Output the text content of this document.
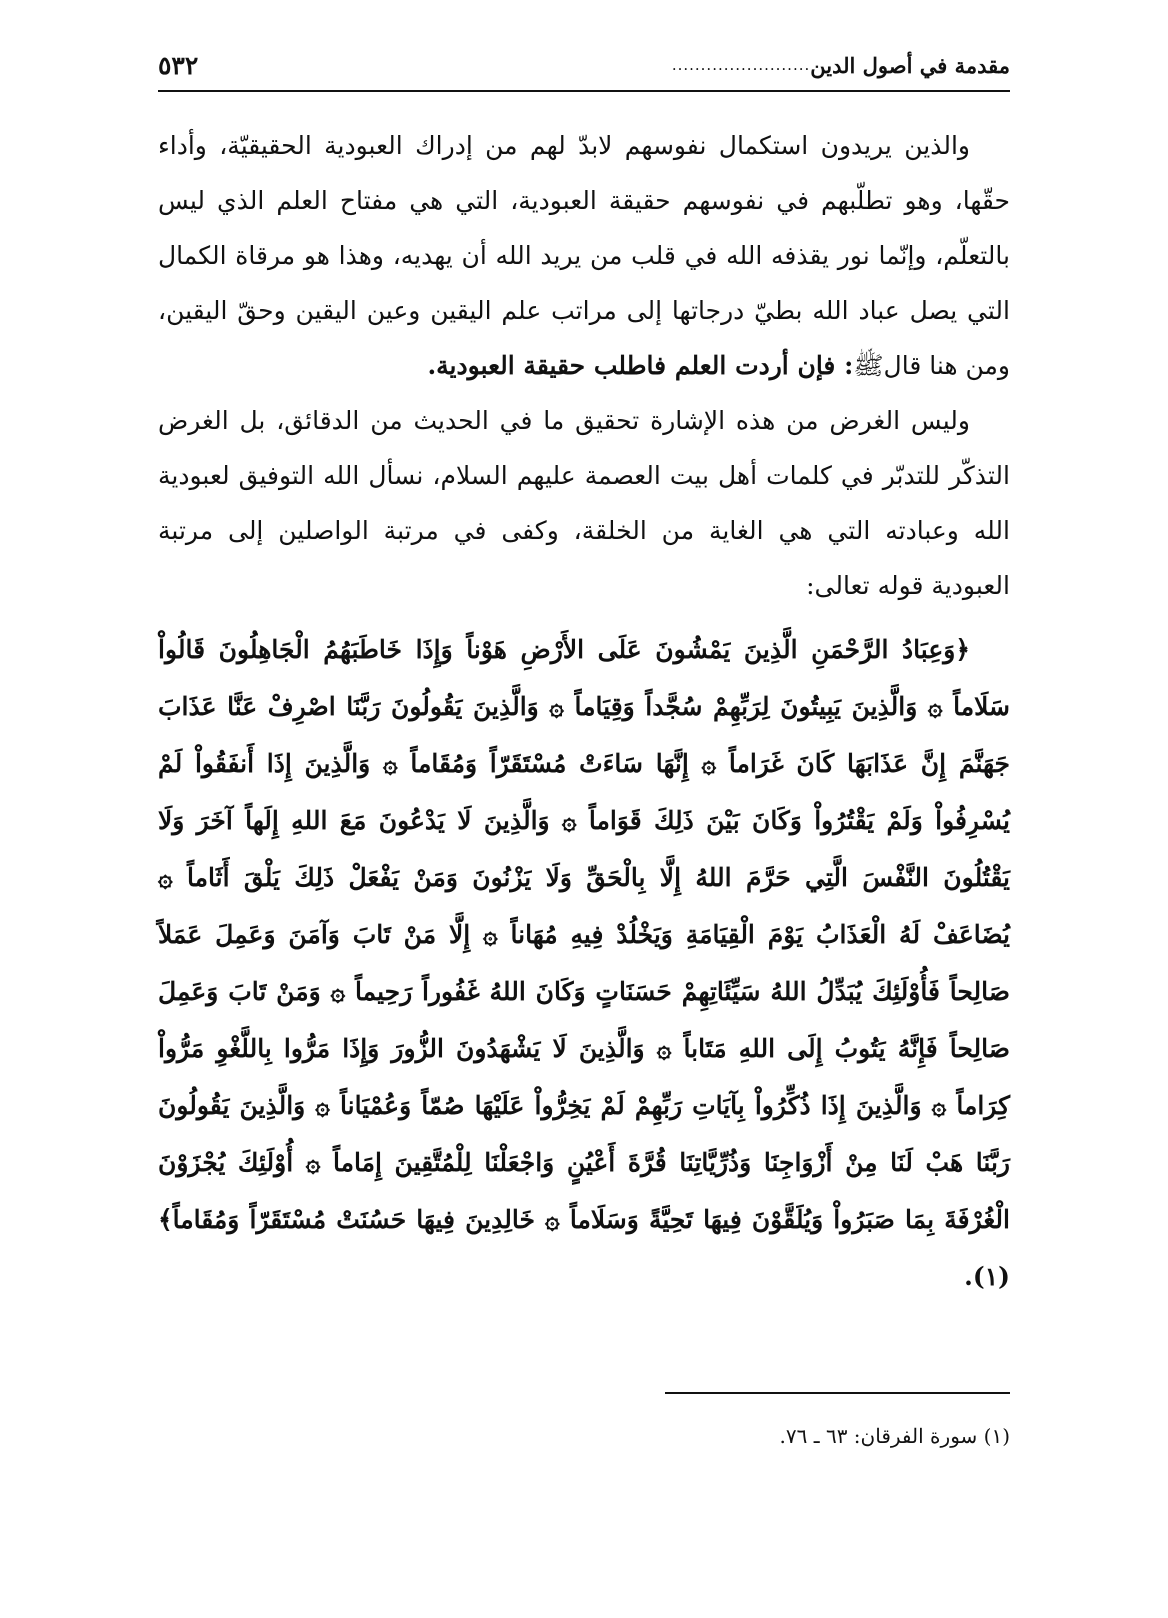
مقدمة في أصول الدين
........................
٥٣٢

والذين يريدون استكمال نفوسهم لابدّ لهم من إدراك العبودية الحقيقيّة، وأداء حقّها، وهو تطلّبهم في نفوسهم حقيقة العبودية، التي هي مفتاح العلم الذي ليس بالتعلّم، وإنّما نور يقذفه الله في قلب من يريد الله أن يهديه، وهذا هو مرقاة الكمال التي يصل عباد الله بطيّ درجاتها إلى مراتب علم اليقين وعين اليقين وحقّ اليقين، ومن هنا قالﷺ: فإن أردت العلم فاطلب حقيقة العبودية.

وليس الغرض من هذه الإشارة تحقيق ما في الحديث من الدقائق، بل الغرض التذكّر للتدبّر في كلمات أهل بيت العصمة عليهم السلام، نسأل الله التوفيق لعبودية الله وعبادته التي هي الغاية من الخلقة، وكفى في مرتبة الواصلين إلى مرتبة العبودية قوله تعالى:

﴿وَعِبَادُ الرَّحْمَنِ الَّذِينَ يَمْشُونَ عَلَى الأَرْضِ هَوْناً وَإِذَا خَاطَبَهُمُ الْجَاهِلُونَ قَالُواْ سَلَاماً ۞ وَالَّذِينَ يَبِيتُونَ لِرَبِّهِمْ سُجَّداً وَقِيَاماً ۞ وَالَّذِينَ يَقُولُونَ رَبَّنَا اصْرِفْ عَنَّا عَذَابَ جَهَنَّمَ إِنَّ عَذَابَهَا كَانَ غَرَاماً ۞ إِنَّهَا سَاءَتْ مُسْتَقَرّاً وَمُقَاماً ۞ وَالَّذِينَ إِذَا أَنفَقُواْ لَمْ يُسْرِفُواْ وَلَمْ يَقْتُرُواْ وَكَانَ بَيْنَ ذَلِكَ قَوَاماً ۞ وَالَّذِينَ لَا يَدْعُونَ مَعَ اللهِ إِلَهاً آخَرَ وَلَا يَقْتُلُونَ النَّفْسَ الَّتِي حَرَّمَ اللهُ إِلَّا بِالْحَقِّ وَلَا يَزْنُونَ وَمَنْ يَفْعَلْ ذَلِكَ يَلْقَ أَثَاماً ۞ يُضَاعَفْ لَهُ الْعَذَابُ يَوْمَ الْقِيَامَةِ وَيَخْلُدْ فِيهِ مُهَاناً ۞ إِلَّا مَنْ تَابَ وَآمَنَ وَعَمِلَ عَمَلاً صَالِحاً فَأُوْلَئِكَ يُبَدِّلُ اللهُ سَيِّئَاتِهِمْ حَسَنَاتٍ وَكَانَ اللهُ غَفُوراً رَحِيماً ۞ وَمَنْ تَابَ وَعَمِلَ صَالِحاً فَإِنَّهُ يَتُوبُ إِلَى اللهِ مَتَاباً ۞ وَالَّذِينَ لَا يَشْهَدُونَ الزُّورَ وَإِذَا مَرُّوا بِاللَّغْوِ مَرُّواْ كِرَاماً ۞ وَالَّذِينَ إِذَا ذُكِّرُواْ بِآيَاتِ رَبِّهِمْ لَمْ يَخِرُّواْ عَلَيْهَا صُمّاً وَعُمْيَاناً ۞ وَالَّذِينَ يَقُولُونَ رَبَّنَا هَبْ لَنَا مِنْ أَزْوَاجِنَا وَذُرِّيَّاتِنَا قُرَّةَ أَعْيُنٍ وَاجْعَلْنَا لِلْمُتَّقِينَ إِمَاماً ۞ أُوْلَئِكَ يُجْزَوْنَ الْغُرْفَةَ بِمَا صَبَرُواْ وَيُلَقَّوْنَ فِيهَا تَحِيَّةً وَسَلَاماً ۞ خَالِدِينَ فِيهَا حَسُنَتْ مُسْتَقَرّاً وَمُقَاماً﴾(١).

(١) سورة الفرقان: ٦٣ ـ ٧٦.
